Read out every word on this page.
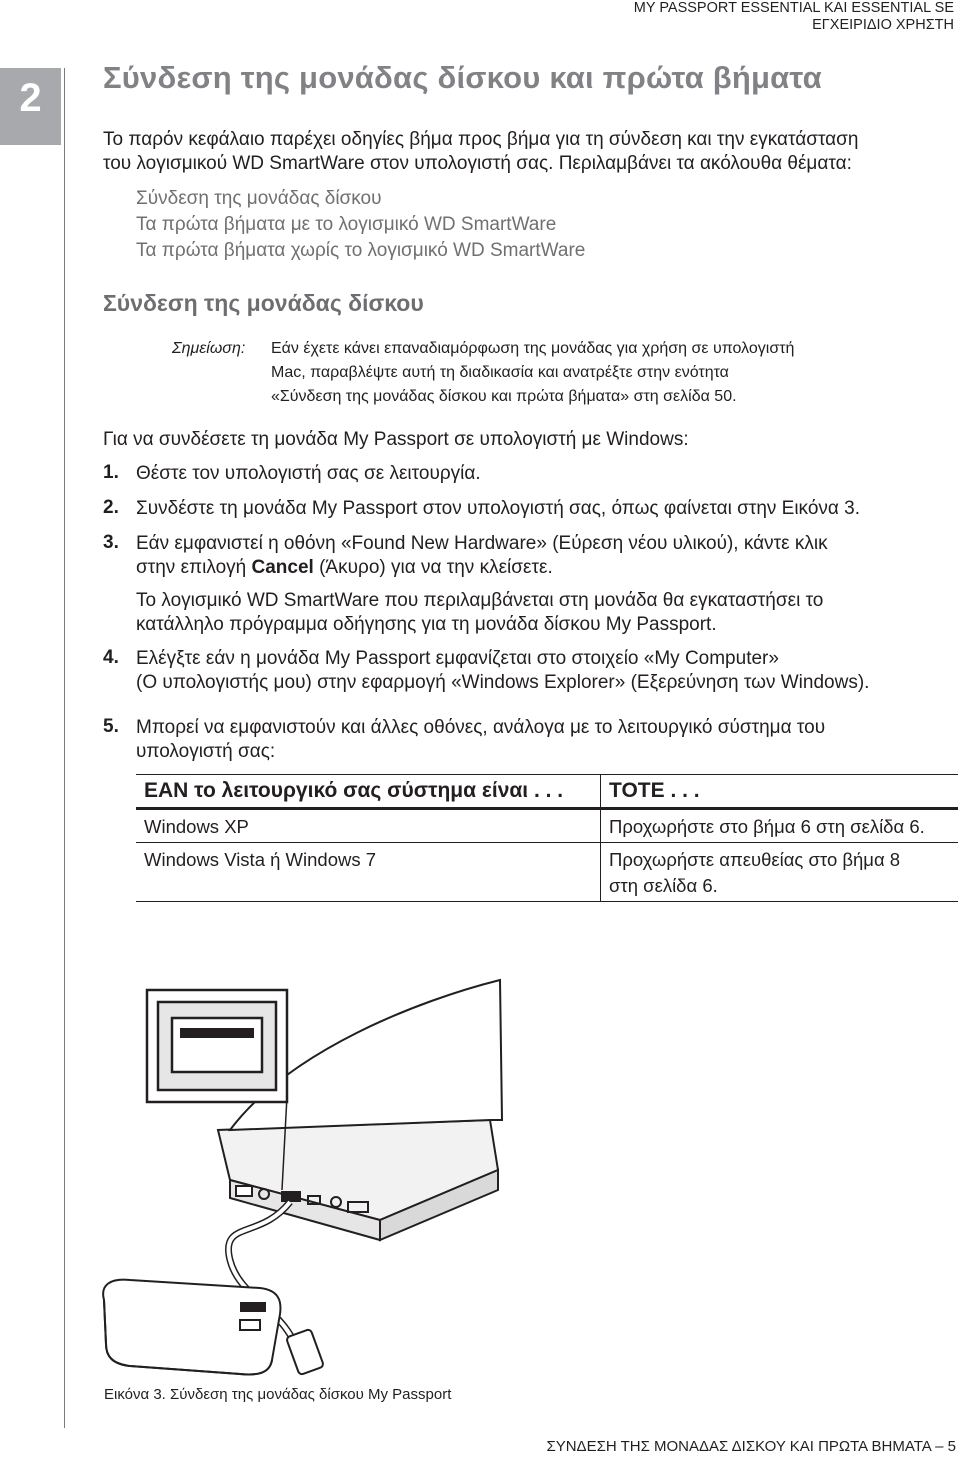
MY PASSPORT ESSENTIAL ΚΑΙ ESSENTIAL SE
ΕΓΧΕΙΡΙΔΙΟ ΧΡΗΣΤΗ
2	Σύνδεση της μονάδας δίσκου και πρώτα βήματα
Το παρόν κεφάλαιο παρέχει οδηγίες βήμα προς βήμα για τη σύνδεση και την εγκατάσταση
του λογισμικού WD SmartWare στον υπολογιστή σας. Περιλαμβάνει τα ακόλουθα θέματα:
Σύνδεση της μονάδας δίσκου
Τα πρώτα βήματα με το λογισμικό WD SmartWare
Τα πρώτα βήματα χωρίς το λογισμικό WD SmartWare
Σύνδεση της μονάδας δίσκου
Σημείωση: Εάν έχετε κάνει επαναδιαμόρφωση της μονάδας για χρήση σε υπολογιστή
Mac, παραβλέψτε αυτή τη διαδικασία και ανατρέξτε στην ενότητα
«Σύνδεση της μονάδας δίσκου και πρώτα βήματα» στη σελίδα 50.
Για να συνδέσετε τη μονάδα My Passport σε υπολογιστή με Windows:
1. Θέστε τον υπολογιστή σας σε λειτουργία.
2. Συνδέστε τη μονάδα My Passport στον υπολογιστή σας, όπως φαίνεται στην Εικόνα 3.
3. Εάν εμφανιστεί η οθόνη «Found New Hardware» (Εύρεση νέου υλικού), κάντε κλικ
στην επιλογή Cancel (Άκυρο) για να την κλείσετε.
Το λογισμικό WD SmartWare που περιλαμβάνεται στη μονάδα θα εγκαταστήσει το
κατάλληλο πρόγραμμα οδήγησης για τη μονάδα δίσκου My Passport.
4. Ελέγξτε εάν η μονάδα My Passport εμφανίζεται στο στοιχείο «My Computer»
(Ο υπολογιστής μου) στην εφαρμογή «Windows Explorer» (Εξερεύνηση των Windows).
5. Μπορεί να εμφανιστούν και άλλες οθόνες, ανάλογα με το λειτουργικό σύστημα του
υπολογιστή σας:
ΕΑΝ το λειτουργικό σας σύστημα είναι . . .	ΤΟΤΕ . . .
Windows XP	Προχωρήστε στο βήμα 6 στη σελίδα 6.
Windows Vista ή Windows 7	Προχωρήστε απευθείας στο βήμα 8
στη σελίδα 6.
Εικόνα 3. Σύνδεση της μονάδας δίσκου My Passport
ΣΥΝΔΕΣΗ ΤΗΣ ΜΟΝΑΔΑΣ ΔΙΣΚΟΥ ΚΑΙ ΠΡΩΤΑ ΒΗΜΑΤΑ – 5
